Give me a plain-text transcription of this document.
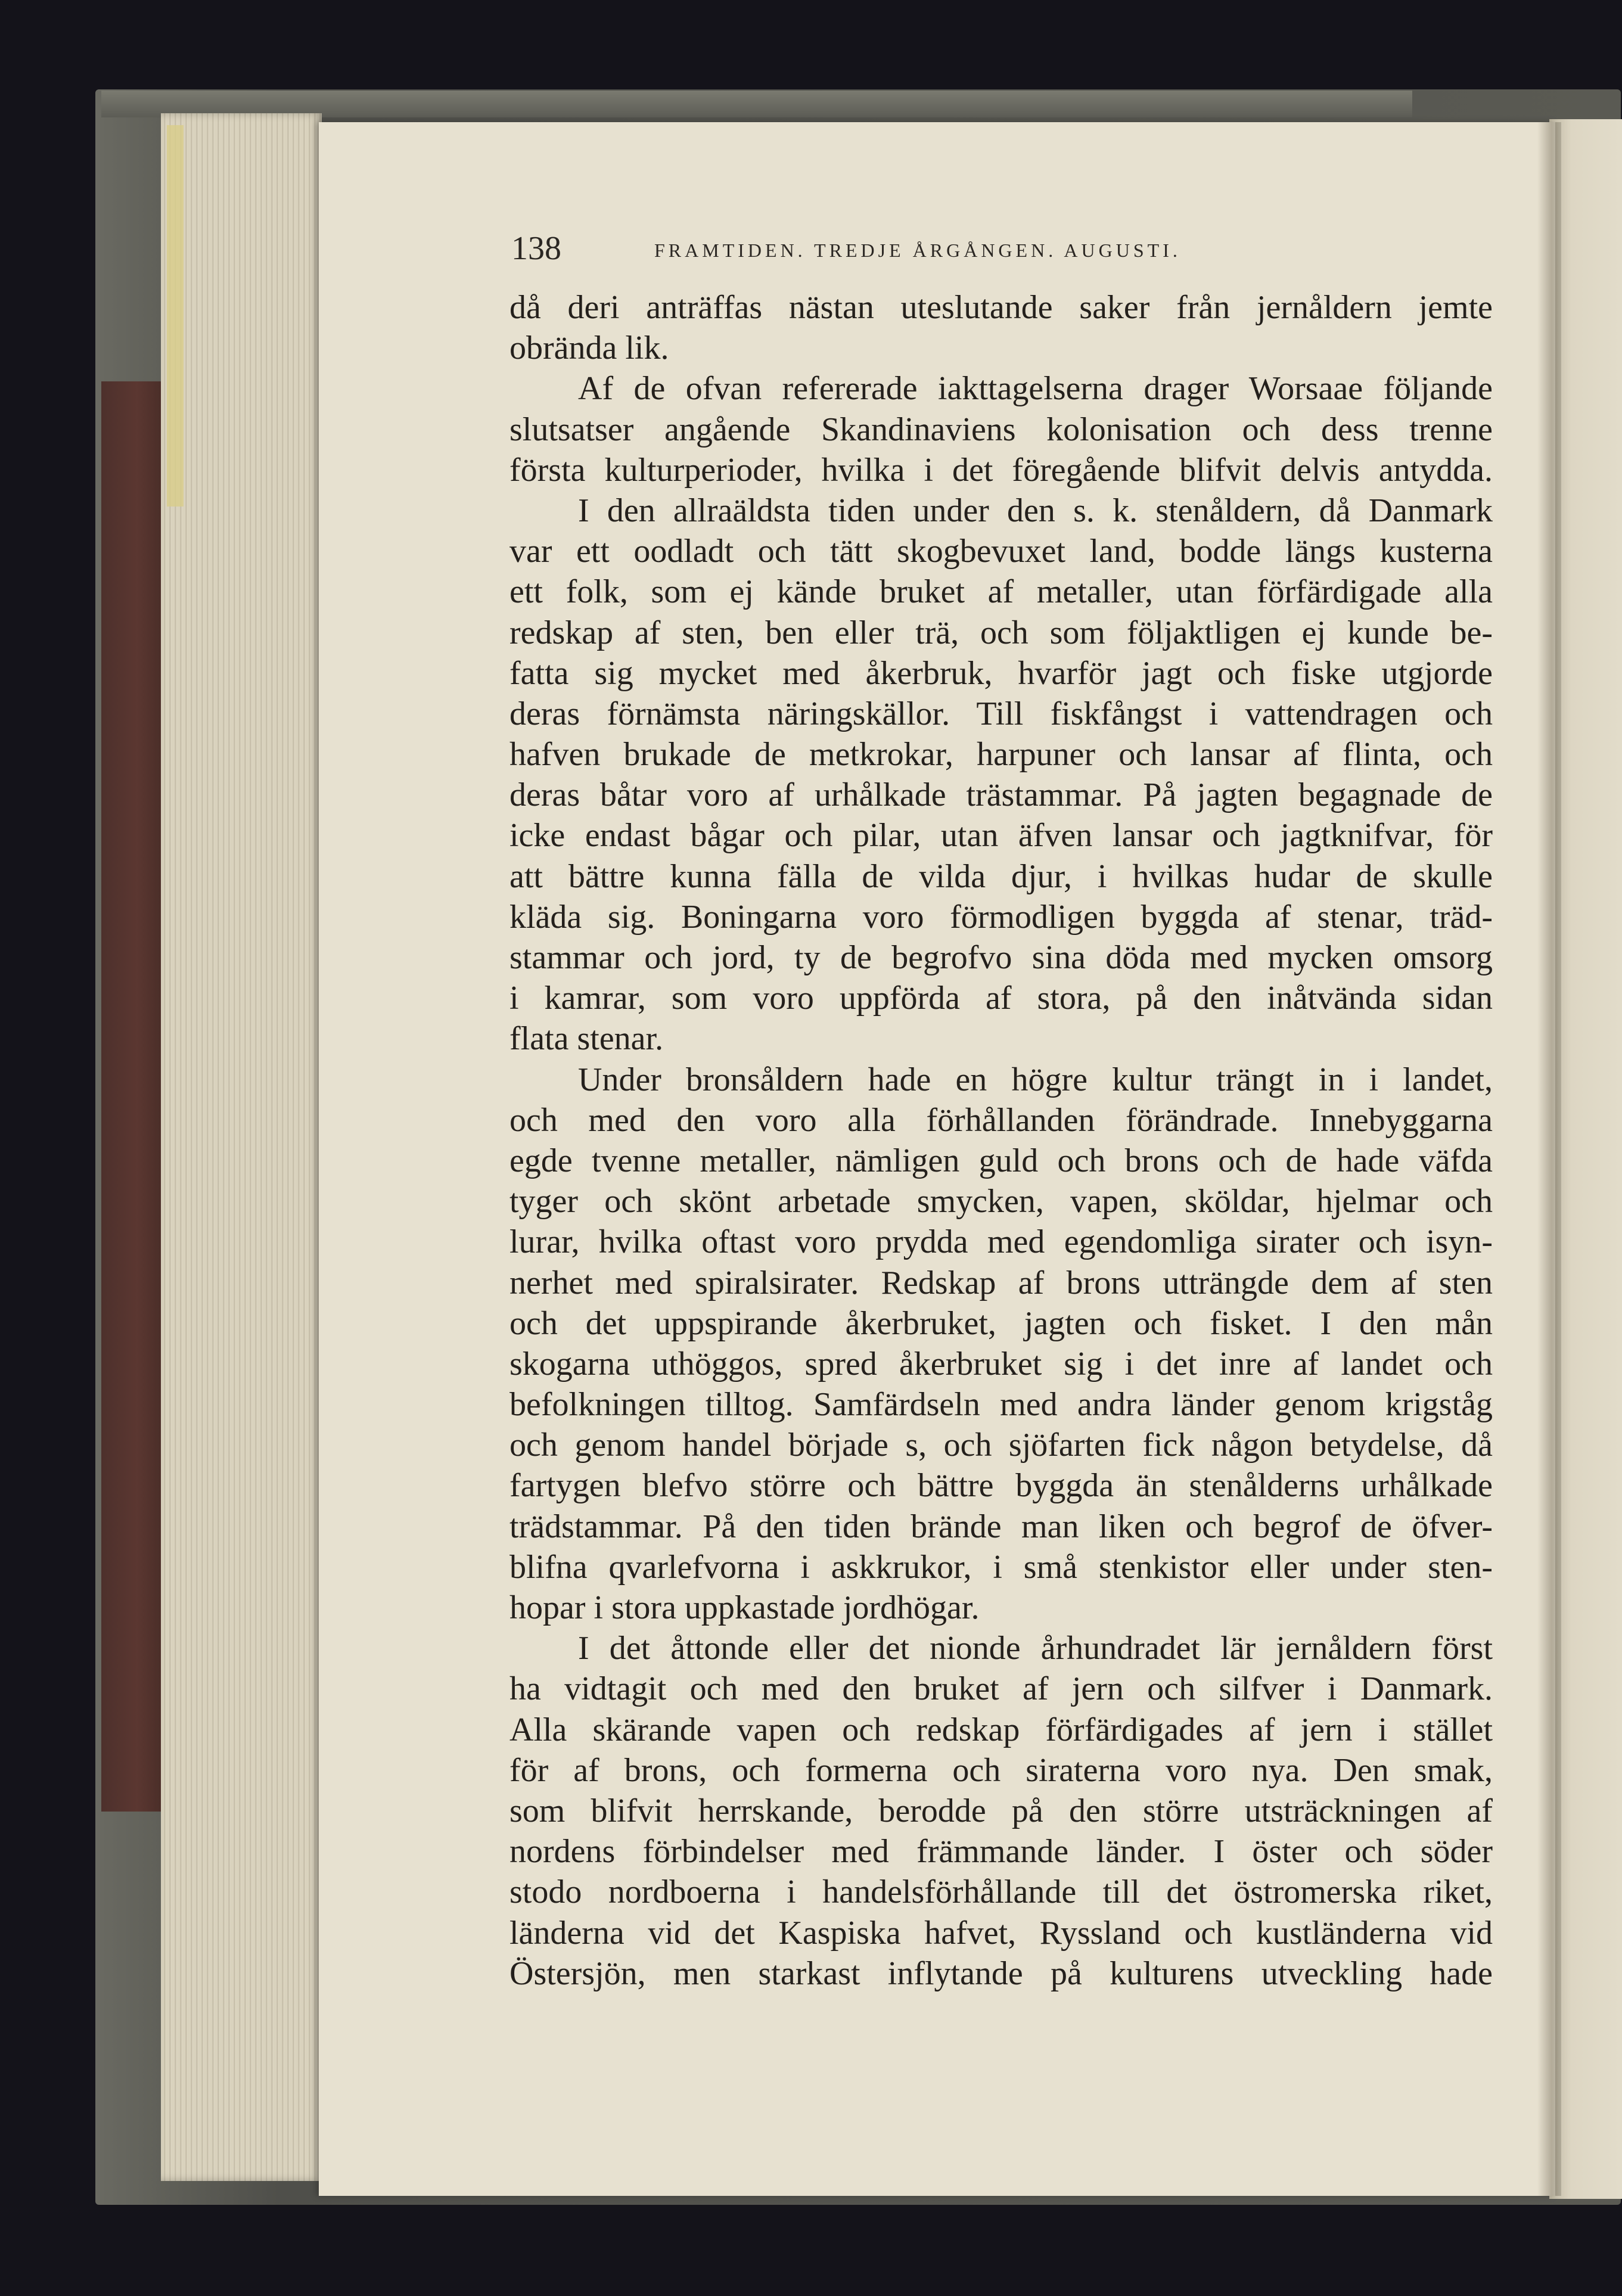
138	FRAMTIDEN. TREDJE ÅRGÅNGEN. AUGUSTI.
då deri anträffas nästan uteslutande saker från jernåldern jemte
obrända lik.
Af de ofvan refererade iakttagelserna drager Worsaae följande
slutsatser angående Skandinaviens kolonisation och dess trenne
första kulturperioder, hvilka i det föregående blifvit delvis antydda.
I den allraäldsta tiden under den s. k. stenåldern, då Danmark
var ett oodladt och tätt skogbevuxet land, bodde längs kusterna
ett folk, som ej kände bruket af metaller, utan förfärdigade alla
redskap af sten, ben eller trä, och som följaktligen ej kunde be-
fatta sig mycket med åkerbruk, hvarför jagt och fiske utgjorde
deras förnämsta näringskällor. Till fiskfångst i vattendragen och
hafven brukade de metkrokar, harpuner och lansar af flinta, och
deras båtar voro af urhålkade trästammar. På jagten begagnade de
icke endast bågar och pilar, utan äfven lansar och jagtknifvar, för
att bättre kunna fälla de vilda djur, i hvilkas hudar de skulle
kläda sig. Boningarna voro förmodligen byggda af stenar, träd-
stammar och jord, ty de begrofvo sina döda med mycken omsorg
i kamrar, som voro uppförda af stora, på den inåtvända sidan
flata stenar.
Under bronsåldern hade en högre kultur trängt in i landet,
och med den voro alla förhållanden förändrade. Innebyggarna
egde tvenne metaller, nämligen guld och brons och de hade väfda
tyger och skönt arbetade smycken, vapen, sköldar, hjelmar och
lurar, hvilka oftast voro prydda med egendomliga sirater och isyn-
nerhet med spiralsirater. Redskap af brons utträngde dem af sten
och det uppspirande åkerbruket, jagten och fisket. I den mån
skogarna uthöggos, spred åkerbruket sig i det inre af landet och
befolkningen tilltog. Samfärdseln med andra länder genom krigståg
och genom handel började s, och sjöfarten fick någon betydelse, då
fartygen blefvo större och bättre byggda än stenålderns urhålkade
trädstammar. På den tiden brände man liken och begrof de öfver-
blifna qvarlefvorna i askkrukor, i små stenkistor eller under sten-
hopar i stora uppkastade jordhögar.
I det åttonde eller det nionde århundradet lär jernåldern först
ha vidtagit och med den bruket af jern och silfver i Danmark.
Alla skärande vapen och redskap förfärdigades af jern i stället
för af brons, och formerna och siraterna voro nya. Den smak,
som blifvit herrskande, berodde på den större utsträckningen af
nordens förbindelser med främmande länder. I öster och söder
stodo nordboerna i handelsförhållande till det östromerska riket,
länderna vid det Kaspiska hafvet, Ryssland och kustländerna vid
Östersjön, men starkast inflytande på kulturens utveckling hade
